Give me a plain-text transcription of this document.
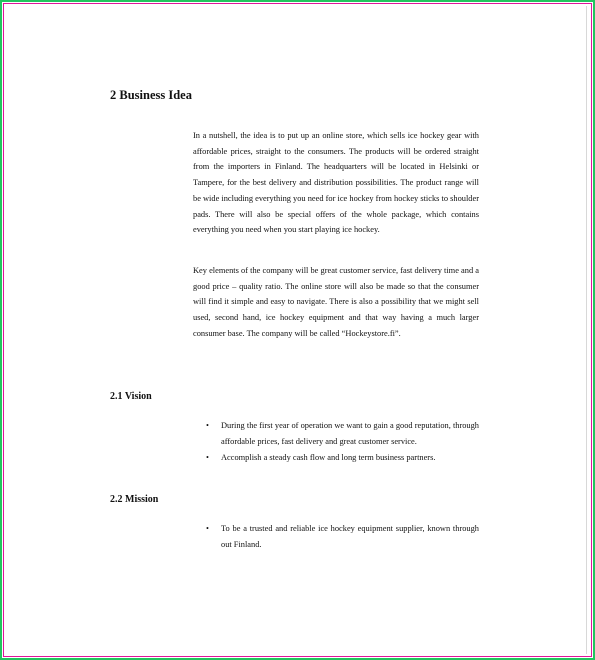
2 Business Idea

In a nutshell, the idea is to put up an online store, which sells ice hockey gear with affordable prices, straight to the consumers. The products will be ordered straight from the importers in Finland. The headquarters will be located in Helsinki or Tampere, for the best delivery and distribution possibilities. The product range will be wide including everything you need for ice hockey from hockey sticks to shoulder pads. There will also be special offers of the whole package, which contains everything you need when you start playing ice hockey.

Key elements of the company will be great customer service, fast delivery time and a good price – quality ratio. The online store will also be made so that the consumer will find it simple and easy to navigate. There is also a possibility that we might sell used, second hand, ice hockey equipment and that way having a much larger consumer base. The company will be called “Hockeystore.fi”.

2.1 Vision
• During the first year of operation we want to gain a good reputation, through affordable prices, fast delivery and great customer service.
• Accomplish a steady cash flow and long term business partners.
2.2 Mission
• To be a trusted and reliable ice hockey equipment supplier, known through out Finland.
